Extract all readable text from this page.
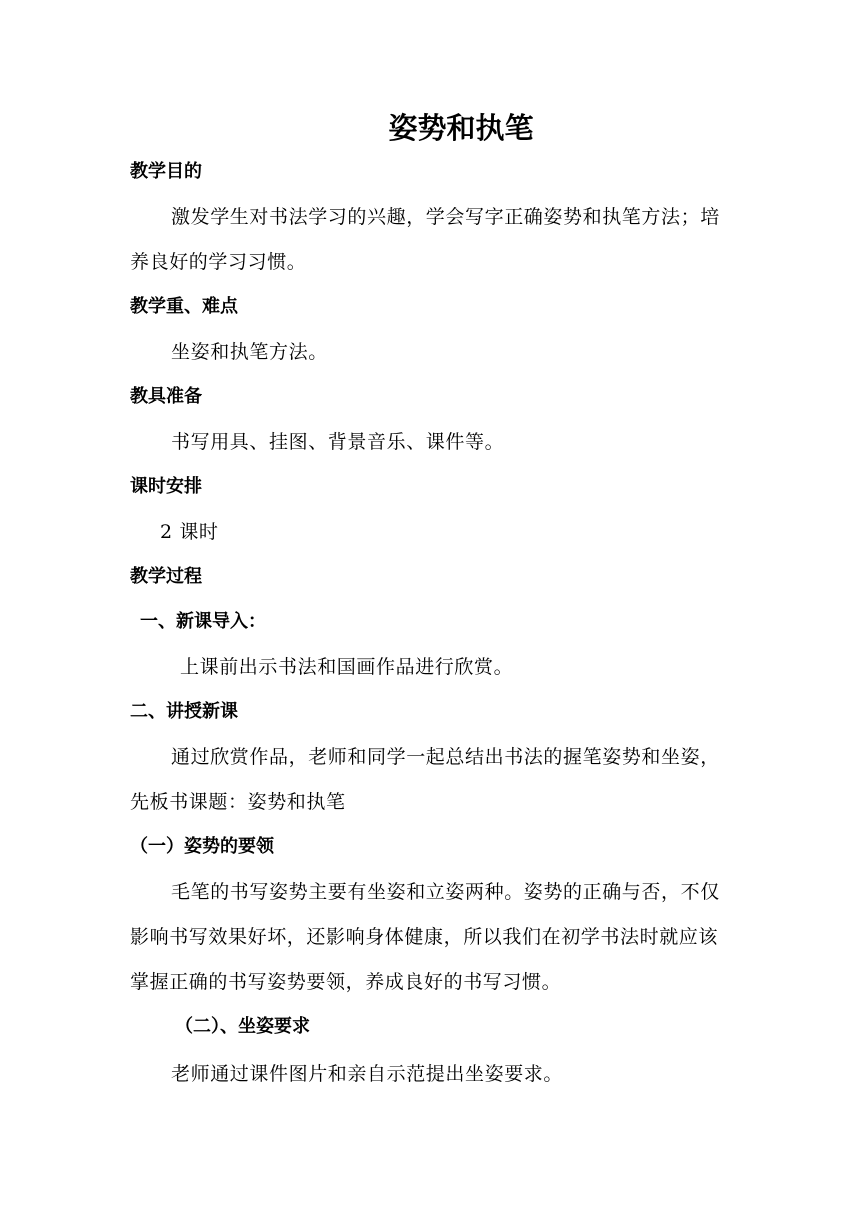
姿势和执笔
教学目的
激发学生对书法学习的兴趣，学会写字正确姿势和执笔方法；培
养良好的学习习惯。
教学重、难点
坐姿和执笔方法。
教具准备
书写用具、挂图、背景音乐、课件等。
课时安排
2 课时
教学过程
一、新课导入：
上课前出示书法和国画作品进行欣赏。
二、讲授新课
通过欣赏作品，老师和同学一起总结出书法的握笔姿势和坐姿，
先板书课题：姿势和执笔
（一）姿势的要领
毛笔的书写姿势主要有坐姿和立姿两种。姿势的正确与否，不仅
影响书写效果好坏，还影响身体健康，所以我们在初学书法时就应该
掌握正确的书写姿势要领，养成良好的书写习惯。
（二）、坐姿要求
老师通过课件图片和亲自示范提出坐姿要求。
